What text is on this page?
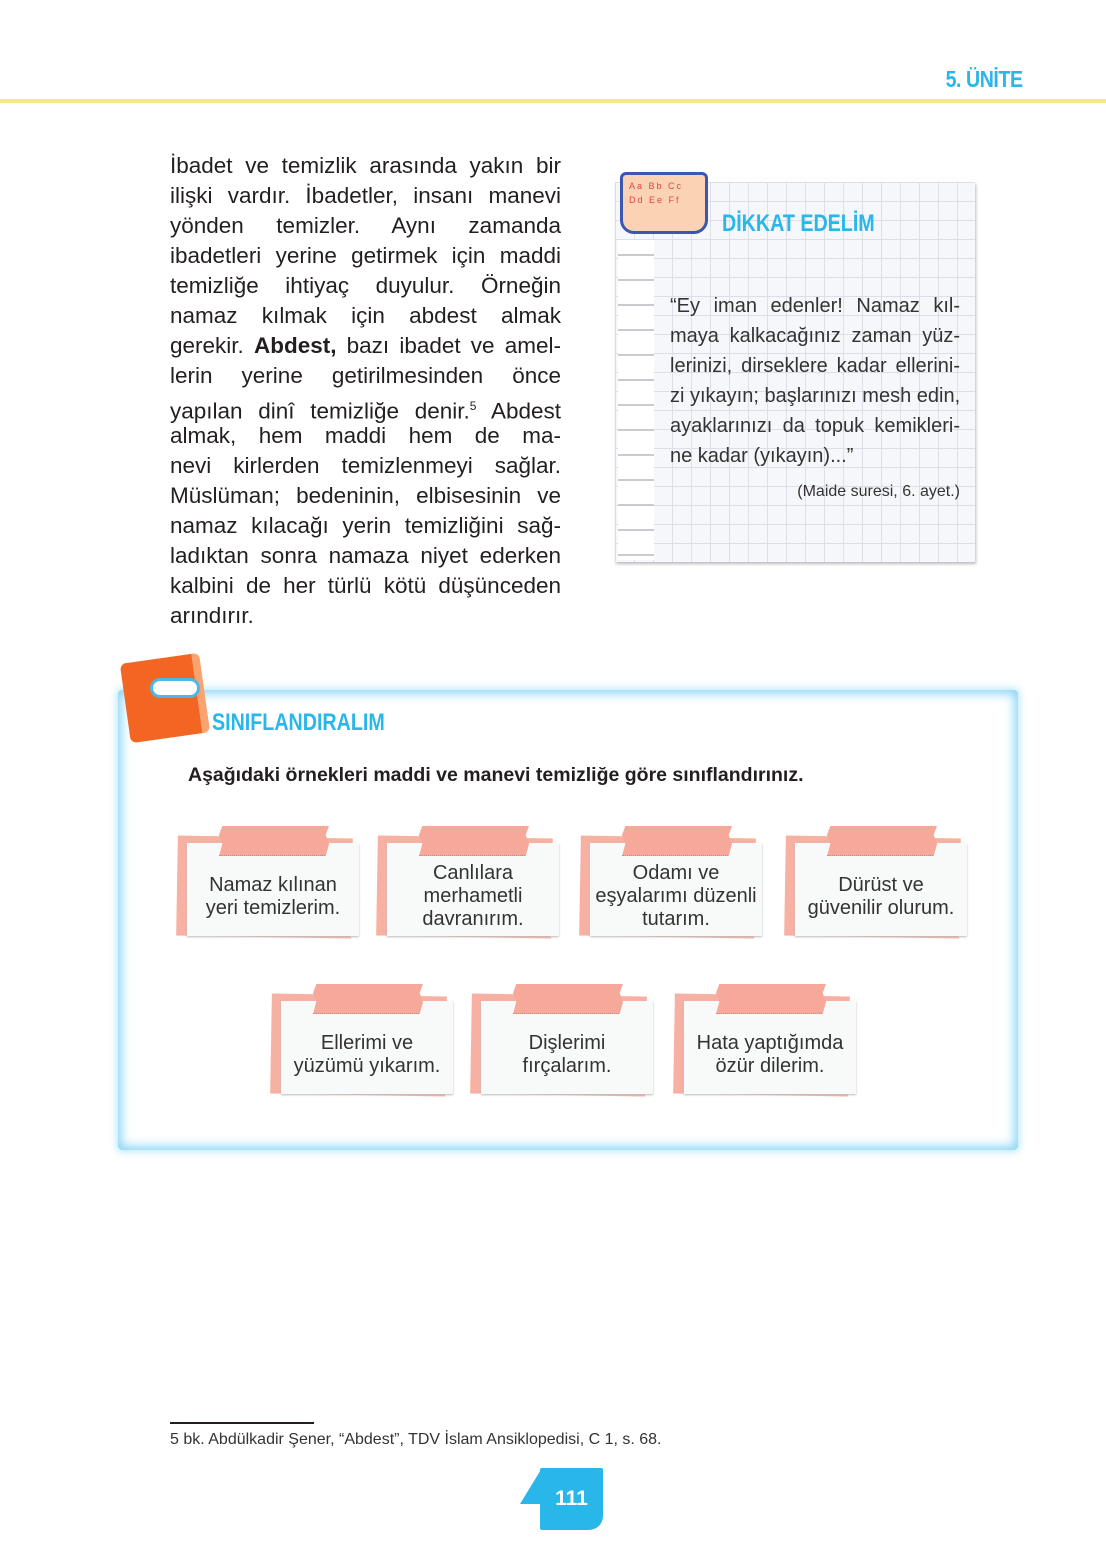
5. ÜNİTE
İbadet ve temizlik arasında yakın bir
ilişki vardır. İbadetler, insanı manevi
yönden temizler. Aynı zamanda
ibadetleri yerine getirmek için maddi
temizliğe ihtiyaç duyulur. Örneğin
namaz kılmak için abdest almak
gerekir. Abdest, bazı ibadet ve amel-
lerin yerine getirilmesinden önce
yapılan dinî temizliğe denir.$^5$ Abdest
almak, hem maddi hem de ma-
nevi kirlerden temizlenmeyi sağlar.
Müslüman; bedeninin, elbisesinin ve
namaz kılacağı yerin temizliğini sağ-
ladıktan sonra namaza niyet ederken
kalbini de her türlü kötü düşünceden
arındırır.
Aa Bb Cc Dd Ee Ff
DİKKAT EDELİM
“Ey iman edenler! Namaz kıl-
maya kalkacağınız zaman yüz-
lerinizi, dirseklere kadar ellerini-
zi yıkayın; başlarınızı mesh edin,
ayaklarınızı da topuk kemikleri-
ne kadar (yıkayın)...”
(Maide suresi, 6. ayet.)
SINIFLANDIRALIM
Aşağıdaki örnekleri maddi ve manevi temizliğe göre sınıflandırınız.
Namaz kılınan yeri temizlerim.
Canlılara merhametli davranırım.
Odamı ve eşyalarımı düzenli tutarım.
Dürüst ve güvenilir olurum.
Ellerimi ve yüzümü yıkarım.
Dişlerimi fırçalarım.
Hata yaptığımda özür dilerim.
5 bk. Abdülkadir Şener, “Abdest”, TDV İslam Ansiklopedisi, C 1, s. 68.
111
